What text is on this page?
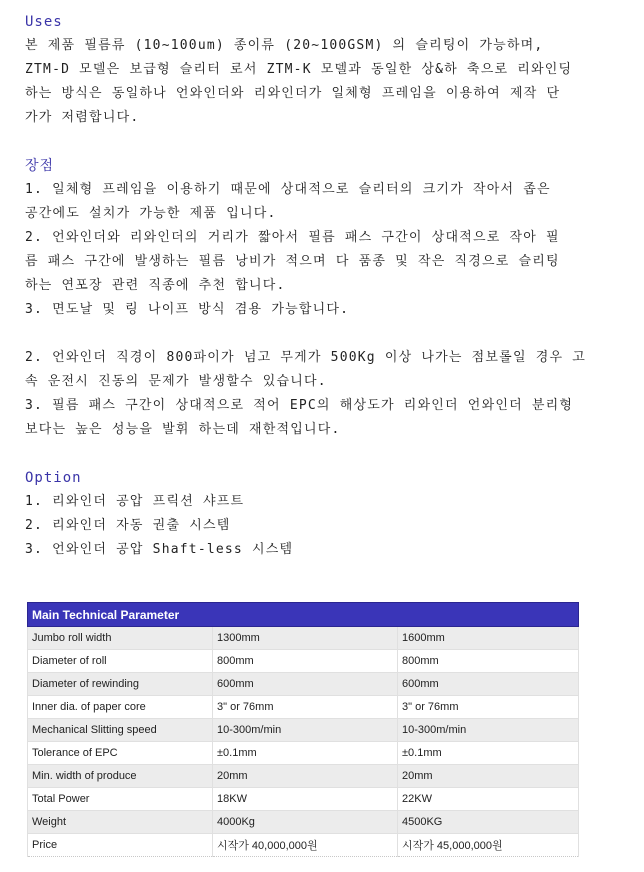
Uses

본 제품 필름류 (10~100um) 종이류 (20~100GSM) 의 슬리팅이 가능하며,

ZTM-D 모델은 보급형 슬리터 로서 ZTM-K 모델과 동일한 상&하 축으로 리와인딩

하는 방식은 동일하나 언와인더와 리와인더가 일체형 프레임을 이용하여 제작 단

가가 저렴합니다.

장점

1. 일체형 프레임을 이용하기 때문에 상대적으로 슬리터의 크기가 작아서 좁은

공간에도 설치가 가능한 제품 입니다.

2. 언와인더와 리와인더의 거리가 짧아서 필름 패스 구간이 상대적으로 작아 필

름 패스 구간에 발생하는 필름 낭비가 적으며 다 품종 및 작은 직경으로 슬리팅

하는 연포장 관련 직종에 추천 합니다.

3. 면도날 및 링 나이프 방식 겸용 가능합니다.

2. 언와인더 직경이 800파이가 넘고 무게가 500Kg 이상 나가는 점보롤일 경우 고

속 운전시 진동의 문제가 발생할수 있습니다.

3. 필름 패스 구간이 상대적으로 적어 EPC의 해상도가 리와인더 언와인더 분리형

보다는 높은 성능을 발휘 하는데 재한적입니다.

Option

1. 리와인더 공압 프릭션 샤프트

2. 리와인더 자동 권출 시스템

3. 언와인더 공압 Shaft-less 시스템

Main Technical Parameter		
Jumbo roll width	1300mm	1600mm
Diameter of roll	800mm	800mm
Diameter of rewinding	600mm	600mm
Inner dia. of paper core	3" or 76mm	3" or 76mm
Mechanical Slitting speed	10-300m/min	10-300m/min
Tolerance of EPC	±0.1mm	±0.1mm
Min. width of produce	20mm	20mm
Total Power	18KW	22KW
Weight	4000Kg	4500KG
Price	시작가 40,000,000원	시작가 45,000,000원
